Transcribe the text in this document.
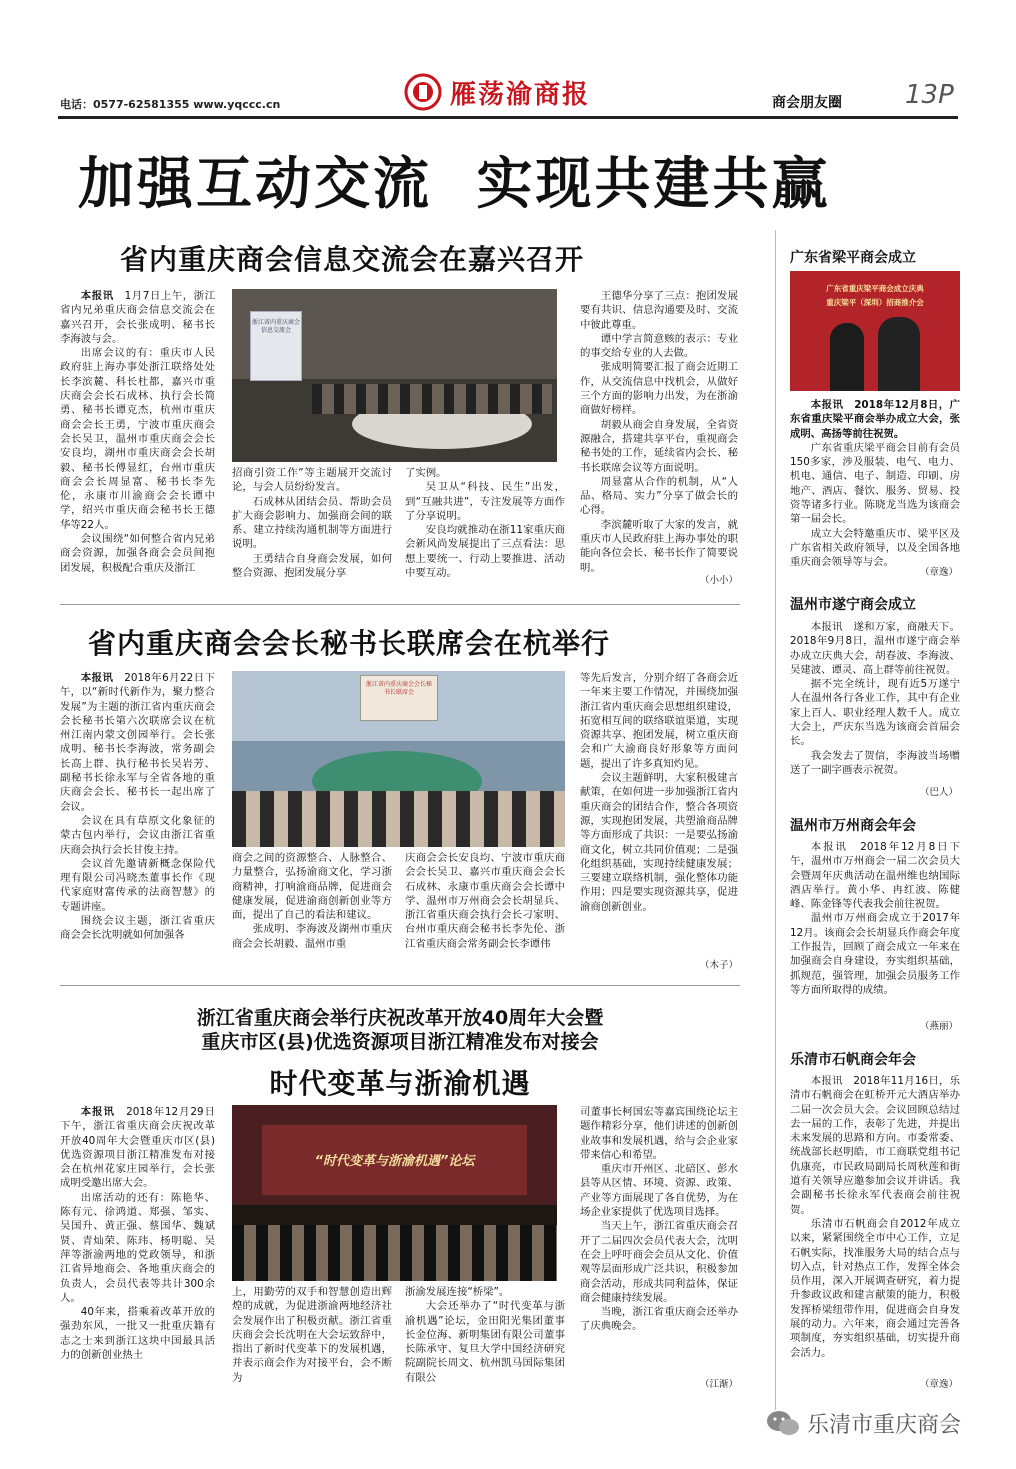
电话：0577-62581355 www.yqccc.cn	雁荡渝商报	商会朋友圈 13P
加强互动交流 实现共建共赢
省内重庆商会信息交流会在嘉兴召开

本报讯　1月7日上午，浙江省内兄弟重庆商会信息交流会在嘉兴召开，会长张成明、秘书长李海波与会。

出席会议的有：重庆市人民政府驻上海办事处浙江联络处处长李滨麓、科长杜都，嘉兴市重庆商会会长石成林、执行会长简勇、秘书长谭克杰，杭州市重庆商会会长王勇，宁波市重庆商会会长吴卫，温州市重庆商会会长安良均，湖州市重庆商会会长胡毅、秘书长傅显红，台州市重庆商会会长周显富、秘书长李先伦，永康市川渝商会会长谭中学，绍兴市重庆商会秘书长王德华等22人。

会议围绕“如何整合省内兄弟商会资源，加强各商会会员间抱团发展，积极配合重庆及浙江

浙江省内重庆商会信息交流会

招商引资工作”等主题展开交流讨论，与会人员纷纷发言。

石成林从团结会员、帮助会员扩大商会影响力、加强商会间的联系、建立持续沟通机制等方面进行说明。

王勇结合自身商会发展，如何整合资源、抱团发展分享

了实例。

吴卫从“科技、民生”出发，到“互融共进”，专注发展等方面作了分享说明。

安良均就推动在浙11家重庆商会新风尚发展提出了三点看法：思想上要统一、行动上要推进、活动中要互动。

王德华分享了三点：抱团发展要有共识、信息沟通要及时、交流中彼此尊重。

谭中学言简意赅的表示：专业的事交给专业的人去做。

张成明简要汇报了商会近期工作，从交流信息中找机会，从做好三个方面的影响力出发，为在浙渝商做好榜样。

胡毅从商会自身发展，全省资源融合，搭建共享平台，重视商会秘书处的工作，延续省内会长、秘书长联席会议等方面说明。

周显富从合作的机制，从“人品、格局、实力”分享了做会长的心得。

李滨麓听取了大家的发言，就重庆市人民政府驻上海办事处的职能向各位会长、秘书长作了简要说明。

（小小）
省内重庆商会会长秘书长联席会在杭举行

本报讯　2018年6月22日下午，以“新时代新作为，聚力整合发展”为主题的浙江省内重庆商会会长秘书长第六次联席会议在杭州江南内蒙文创园举行。会长张成明、秘书长李海波，常务副会长高上群、执行秘书长吴岩芳、副秘书长徐永军与全省各地的重庆商会会长、秘书长一起出席了会议。

会议在具有草原文化象征的蒙古包内举行，会议由浙江省重庆商会执行会长甘俊主持。

会议首先邀请新概念保险代理有限公司冯晓杰董事长作《现代家庭财富传承的法商智慧》的专题讲座。

围绕会议主题，浙江省重庆商会会长沈明就如何加强各

浙江省内重庆商会会长秘书长联席会

商会之间的资源整合、人脉整合、力量整合，弘扬渝商文化，学习浙商精神，打响渝商品牌，促进商会健康发展，促进渝商创新创业等方面，提出了自己的看法和建议。

张成明、李海波及湖州市重庆商会会长胡毅、温州市重

庆商会会长安良均、宁波市重庆商会会长吴卫、嘉兴市重庆商会会长石成林、永康市重庆商会会长谭中学、温州市万州商会会长胡显兵、浙江省重庆商会执行会长刁家明、台州市重庆商会秘书长李先伦、浙江省重庆商会常务副会长李谭伟

等先后发言，分别介绍了各商会近一年来主要工作情况，并围绕加强浙江省内重庆商会思想组织建设，拓宽相互间的联络联谊渠道，实现资源共享、抱团发展，树立重庆商会和广大渝商良好形象等方面问题，提出了许多真知灼见。

会议主题鲜明，大家积极建言献策，在如何进一步加强浙江省内重庆商会的团结合作，整合各项资源，实现抱团发展，共塑渝商品牌等方面形成了共识：一是要弘扬渝商文化，树立共同价值观；二是强化组织基础，实现持续健康发展；三要建立联络机制，强化整体功能作用；四是要实现资源共享，促进渝商创新创业。

（木子）
浙江省重庆商会举行庆祝改革开放40周年大会暨
重庆市区(县)优选资源项目浙江精准发布对接会
时代变革与浙渝机遇

本报讯　2018年12月29日下午，浙江省重庆商会庆祝改革开放40周年大会暨重庆市区(县)优选资源项目浙江精准发布对接会在杭州花家庄园举行，会长张成明受邀出席大会。

出席活动的还有：陈艳华、陈有元、徐鸿道、郑强、邹实、吴国升、黄正强、蔡国华、魏斌贤、青灿荣、陈玮、杨明聪、吴萍等浙渝两地的党政领导，和浙江省异地商会、各地重庆商会的负责人，会员代表等共计300余人。

40年来，搭乘着改革开放的强劲东风，一批又一批重庆籍有志之士来到浙江这块中国最具活力的创新创业热土

“时代变革与浙渝机遇”论坛

上，用勤劳的双手和智慧创造出辉煌的成就，为促进浙渝两地经济社会发展作出了积极贡献。浙江省重庆商会会长沈明在大会坛致辞中，指出了新时代变革下的发展机遇，并表示商会作为对接平台，会不断为

浙渝发展连接“桥梁”。

大会还举办了“时代变革与浙渝机遇”论坛，金田阳光集团董事长金位海、新明集团有限公司董事长陈承守、复旦大学中国经济研究院副院长周文、杭州凯马国际集团有限公

司董事长柯国宏等嘉宾围绕论坛主题作精彩分享，他们讲述的创新创业故事和发展机遇，给与会企业家带来信心和希望。

重庆市开州区、北碚区、彭水县等从区情、环境、资源、政策、产业等方面展现了各自优势，为在场企业家提供了优选项目选择。

当天上午，浙江省重庆商会召开了二届四次会员代表大会，沈明在会上呼吁商会会员从文化、价值观等层面形成广泛共识，积极参加商会活动，形成共同利益体，保证商会健康持续发展。

当晚，浙江省重庆商会还举办了庆典晚会。

（江渐）
广东省梁平商会成立
广东省重庆梁平商会成立庆典
重庆梁平（深圳）招商推介会

本报讯　2018年12月8日，广东省重庆梁平商会举办成立大会，张成明、高扬等前往祝贺。

广东省重庆梁平商会目前有会员150多家，涉及服装、电气、电力、机电、通信、电子、制造、印刷、房地产、酒店、餐饮、服务、贸易、投资等诸多行业。陈晓龙当选为该商会第一届会长。

成立大会特邀重庆市、梁平区及广东省相关政府领导，以及全国各地重庆商会领导等与会。

（章逸）
温州市遂宁商会成立

本报讯　遂和万家，商融天下。2018年9月8日，温州市遂宁商会举办成立庆典大会，胡春波、李海波、吴建波、谭灵、高上群等前往祝贺。

据不完全统计，现有近5万遂宁人在温州各行各业工作，其中有企业家上百人、职业经理人数千人。成立大会上，严庆东当选为该商会首届会长。

我会发去了贺信，李海波当场赠送了一副字画表示祝贺。

（巴人）
温州市万州商会年会

本报讯　2018年12月8日下午，温州市万州商会一届二次会员大会暨周年庆典活动在温州维也纳国际酒店举行。黄小华、冉红波、陈健峰、陈金锋等代表我会前往祝贺。

温州市万州商会成立于2017年12月。该商会会长胡显兵作商会年度工作报告，回顾了商会成立一年来在加强商会自身建设，夯实组织基础，抓规范，强管理，加强会员服务工作等方面所取得的成绩。

（燕丽）
乐清市石帆商会年会

本报讯　2018年11月16日，乐清市石帆商会在虹桥开元大酒店举办二届一次会员大会。会议回顾总结过去一届的工作，表彰了先进，并提出未来发展的思路和方向。市委常委、统战部长赵明皓，市工商联党组书记仇康亮，市民政局副局长周秋莲和街道有关领导应邀参加会议并讲话。我会副秘书长徐永军代表商会前往祝贺。

乐清市石帆商会自2012年成立以来，紧紧围绕全市中心工作，立足石帆实际，找准服务大局的结合点与切入点，针对热点工作，发挥全体会员作用，深入开展调查研究，着力提升参政议政和建言献策的能力，积极发挥桥梁纽带作用，促进商会自身发展的动力。六年来，商会通过完善各项制度，夯实组织基础，切实提升商会活力。

（章逸）
乐清市重庆商会
